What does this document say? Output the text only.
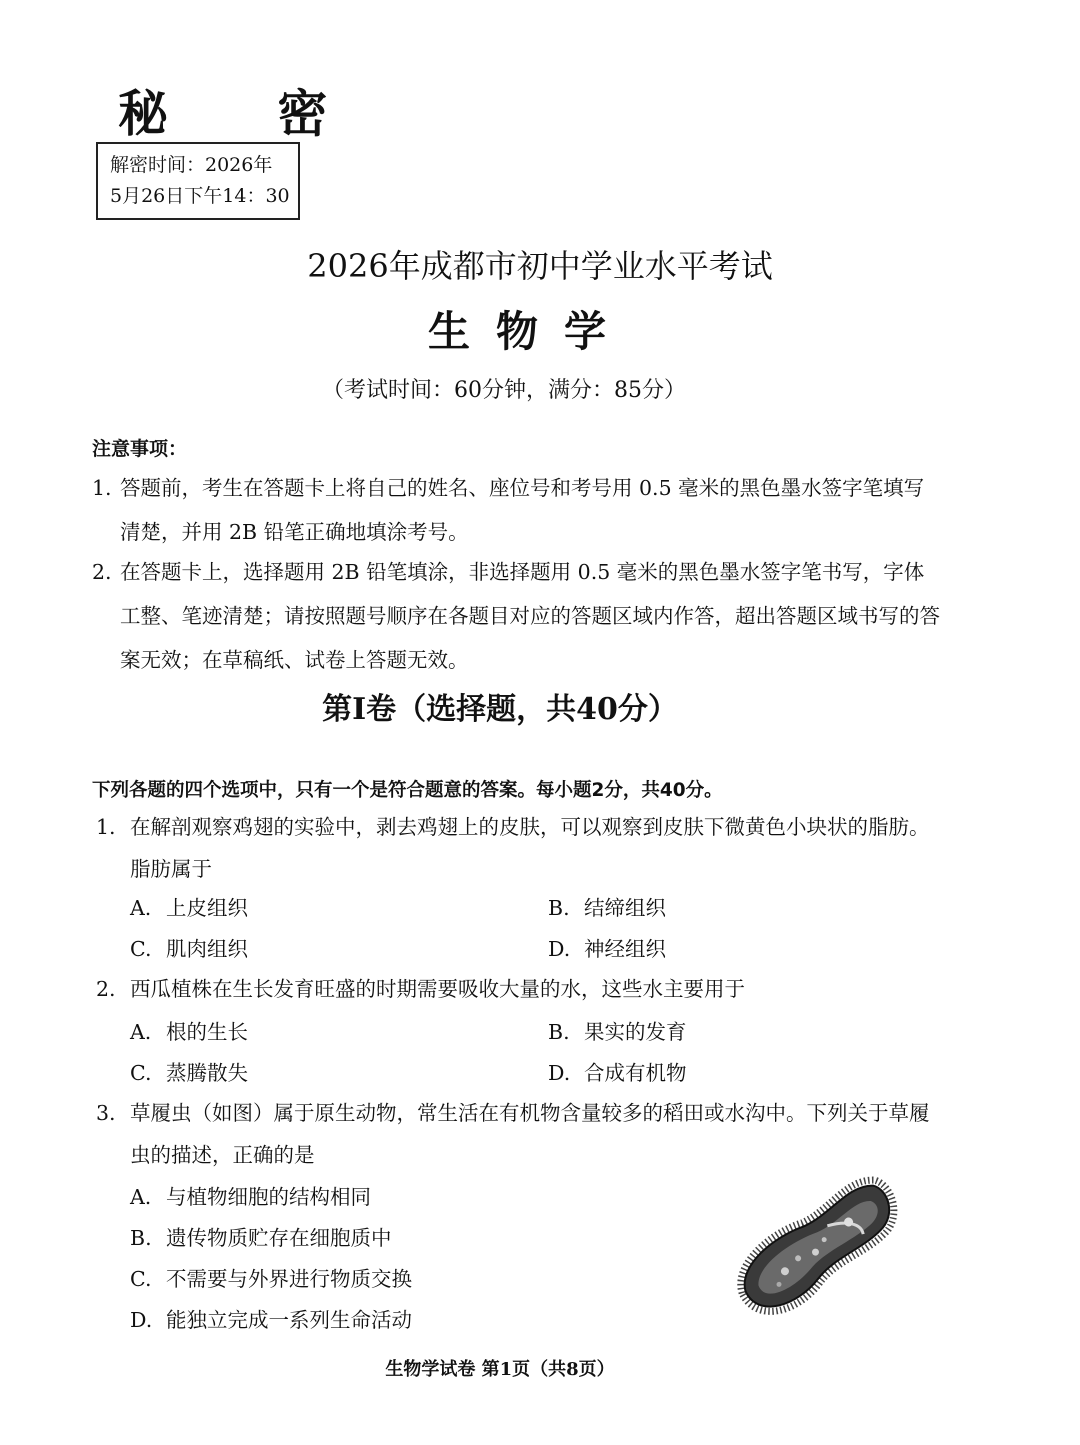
秘 密
解密时间：2026年
5月26日下午14：30
2026年成都市初中学业水平考试
生物学
（考试时间：60分钟，满分：85分）
注意事项：
1. 答题前，考生在答题卡上将自己的姓名、座位号和考号用 0.5 毫米的黑色墨水签字笔填写清楚，并用 2B 铅笔正确地填涂考号。
2. 在答题卡上，选择题用 2B 铅笔填涂，非选择题用 0.5 毫米的黑色墨水签字笔书写，字体工整、笔迹清楚；请按照题号顺序在各题目对应的答题区域内作答，超出答题区域书写的答案无效；在草稿纸、试卷上答题无效。
第Ⅰ卷（选择题，共40分）
下列各题的四个选项中，只有一个是符合题意的答案。每小题2分，共40分。
1. 在解剖观察鸡翅的实验中，剥去鸡翅上的皮肤，可以观察到皮肤下微黄色小块状的脂肪。脂肪属于
A. 上皮组织	B. 结缔组织
C. 肌肉组织	D. 神经组织
2. 西瓜植株在生长发育旺盛的时期需要吸收大量的水，这些水主要用于
A. 根的生长	B. 果实的发育
C. 蒸腾散失	D. 合成有机物
3. 草履虫（如图）属于原生动物，常生活在有机物含量较多的稻田或水沟中。下列关于草履虫的描述，正确的是
A. 与植物细胞的结构相同
B. 遗传物质贮存在细胞质中
C. 不需要与外界进行物质交换
D. 能独立完成一系列生命活动
生物学试卷 第1页（共8页）
